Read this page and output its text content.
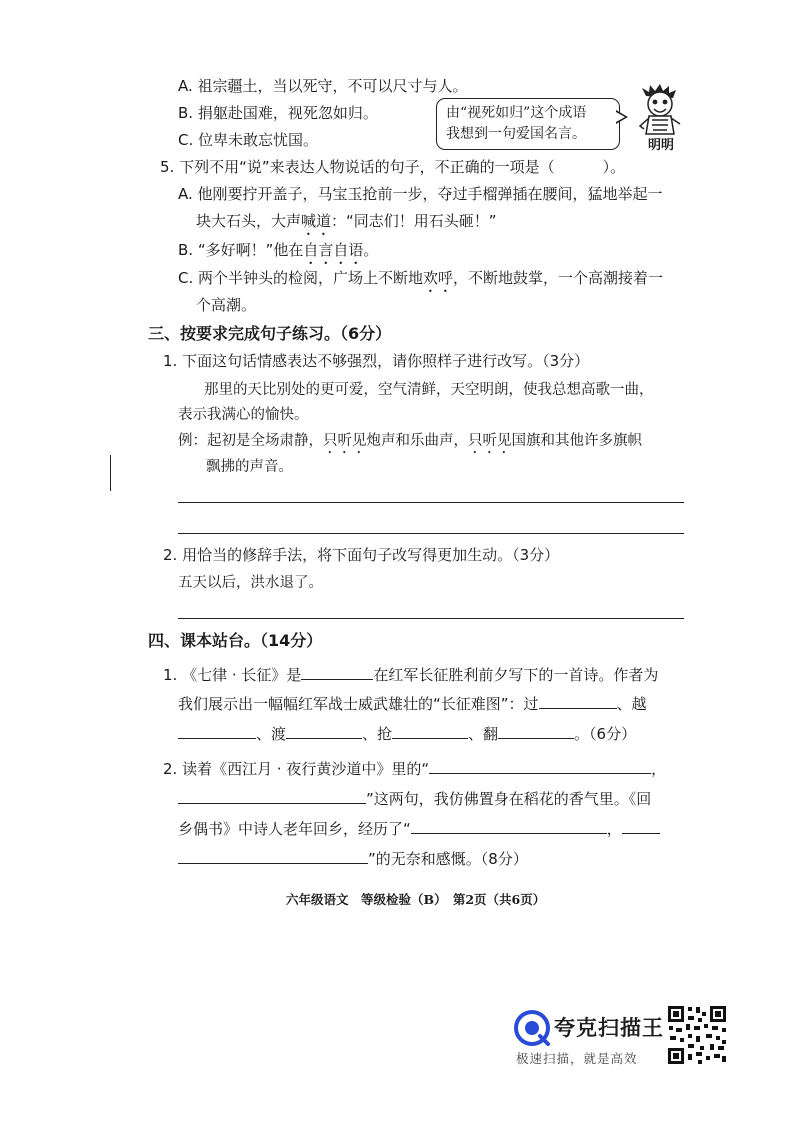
A. 祖宗疆土，当以死守，不可以尺寸与人。
B. 捐躯赴国难，视死忽如归。
C. 位卑未敢忘忧国。
由“视死如归”这个成语
我想到一句爱国名言。
明明
5. 下列不用“说”来表达人物说话的句子，不正确的一项是（	）。
A. 他刚要拧开盖子，马宝玉抢前一步，夺过手榴弹插在腰间，猛地举起一
块大石头，大声喊道：“同志们！用石头砸！”
B. “多好啊！”他在自言自语。
C. 两个半钟头的检阅，广场上不断地欢呼，不断地鼓掌，一个高潮接着一
个高潮。
三、按要求完成句子练习。（6分）
1. 下面这句话情感表达不够强烈，请你照样子进行改写。（3分）
那里的天比别处的更可爱，空气清鲜，天空明朗，使我总想高歌一曲，
表示我满心的愉快。
例：起初是全场肃静，只听见炮声和乐曲声，只听见国旗和其他许多旗帜
飘拂的声音。
2. 用恰当的修辞手法，将下面句子改写得更加生动。（3分）
五天以后，洪水退了。
四、课本站台。（14分）
1. 《七律 · 长征》是	在红军长征胜利前夕写下的一首诗。作者为
我们展示出一幅幅红军战士威武雄壮的“长征难图”：过	、越
、渡	、抢	、翻	。（6分）
2. 读着《西江月 · 夜行黄沙道中》里的“	，
”这两句，我仿佛置身在稻花的香气里。《回
乡偶书》中诗人老年回乡，经历了“	，
”的无奈和感慨。（8分）
六年级语文　等级检验（B）　第2页（共6页）
夸克扫描王
极速扫描，就是高效
